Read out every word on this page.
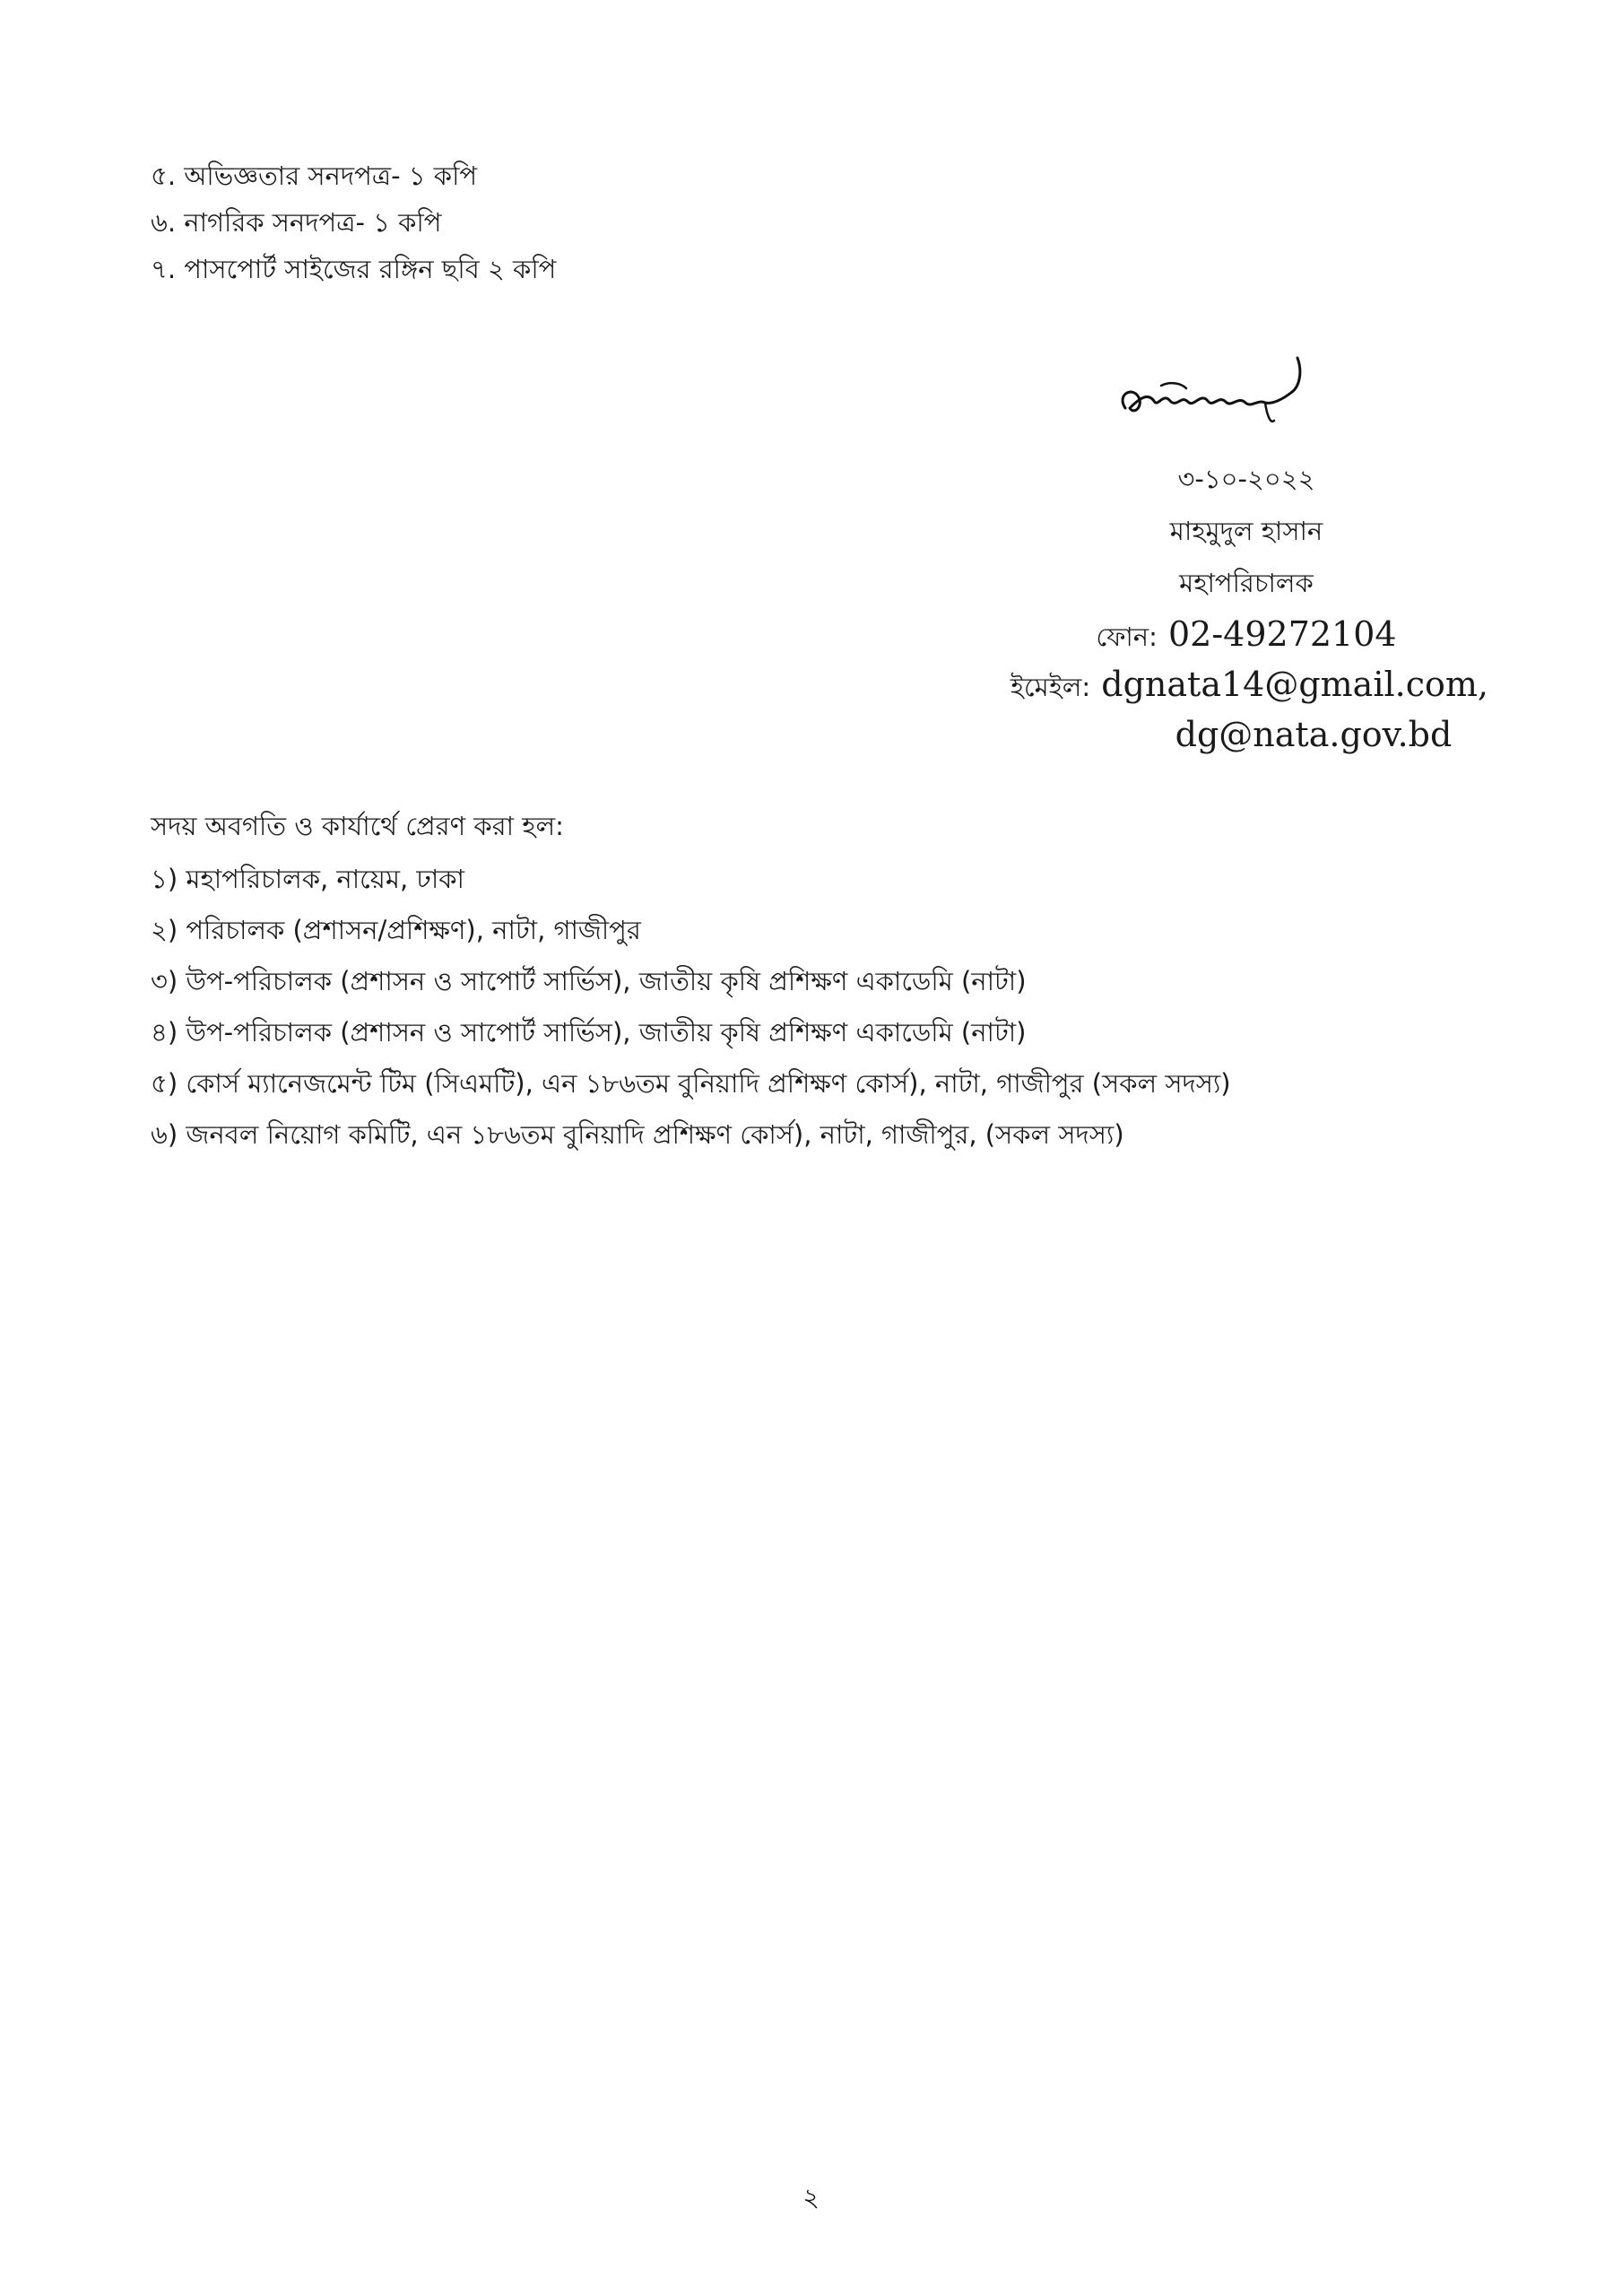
৫. অভিজ্ঞতার সনদপত্র- ১ কপি
৬. নাগরিক সনদপত্র- ১ কপি
৭. পাসপোর্ট সাইজের রঙ্গিন ছবি ২ কপি
৩-১০-২০২২
মাহমুদুল হাসান
মহাপরিচালক
ফোন: 02-49272104
ইমেইল: dgnata14@gmail.com,
dg@nata.gov.bd
সদয় অবগতি ও কার্যার্থে প্রেরণ করা হল:
১) মহাপরিচালক, নায়েম, ঢাকা
২) পরিচালক (প্রশাসন/প্রশিক্ষণ), নাটা, গাজীপুর
৩) উপ-পরিচালক (প্রশাসন ও সাপোর্ট সার্ভিস), জাতীয় কৃষি প্রশিক্ষণ একাডেমি (নাটা)
৪) উপ-পরিচালক (প্রশাসন ও সাপোর্ট সার্ভিস), জাতীয় কৃষি প্রশিক্ষণ একাডেমি (নাটা)
৫) কোর্স ম্যানেজমেন্ট টিম (সিএমটি), এন ১৮৬তম বুনিয়াদি প্রশিক্ষণ কোর্স), নাটা, গাজীপুর (সকল সদস্য)
৬) জনবল নিয়োগ কমিটি, এন ১৮৬তম বুনিয়াদি প্রশিক্ষণ কোর্স), নাটা, গাজীপুর, (সকল সদস্য)
২
